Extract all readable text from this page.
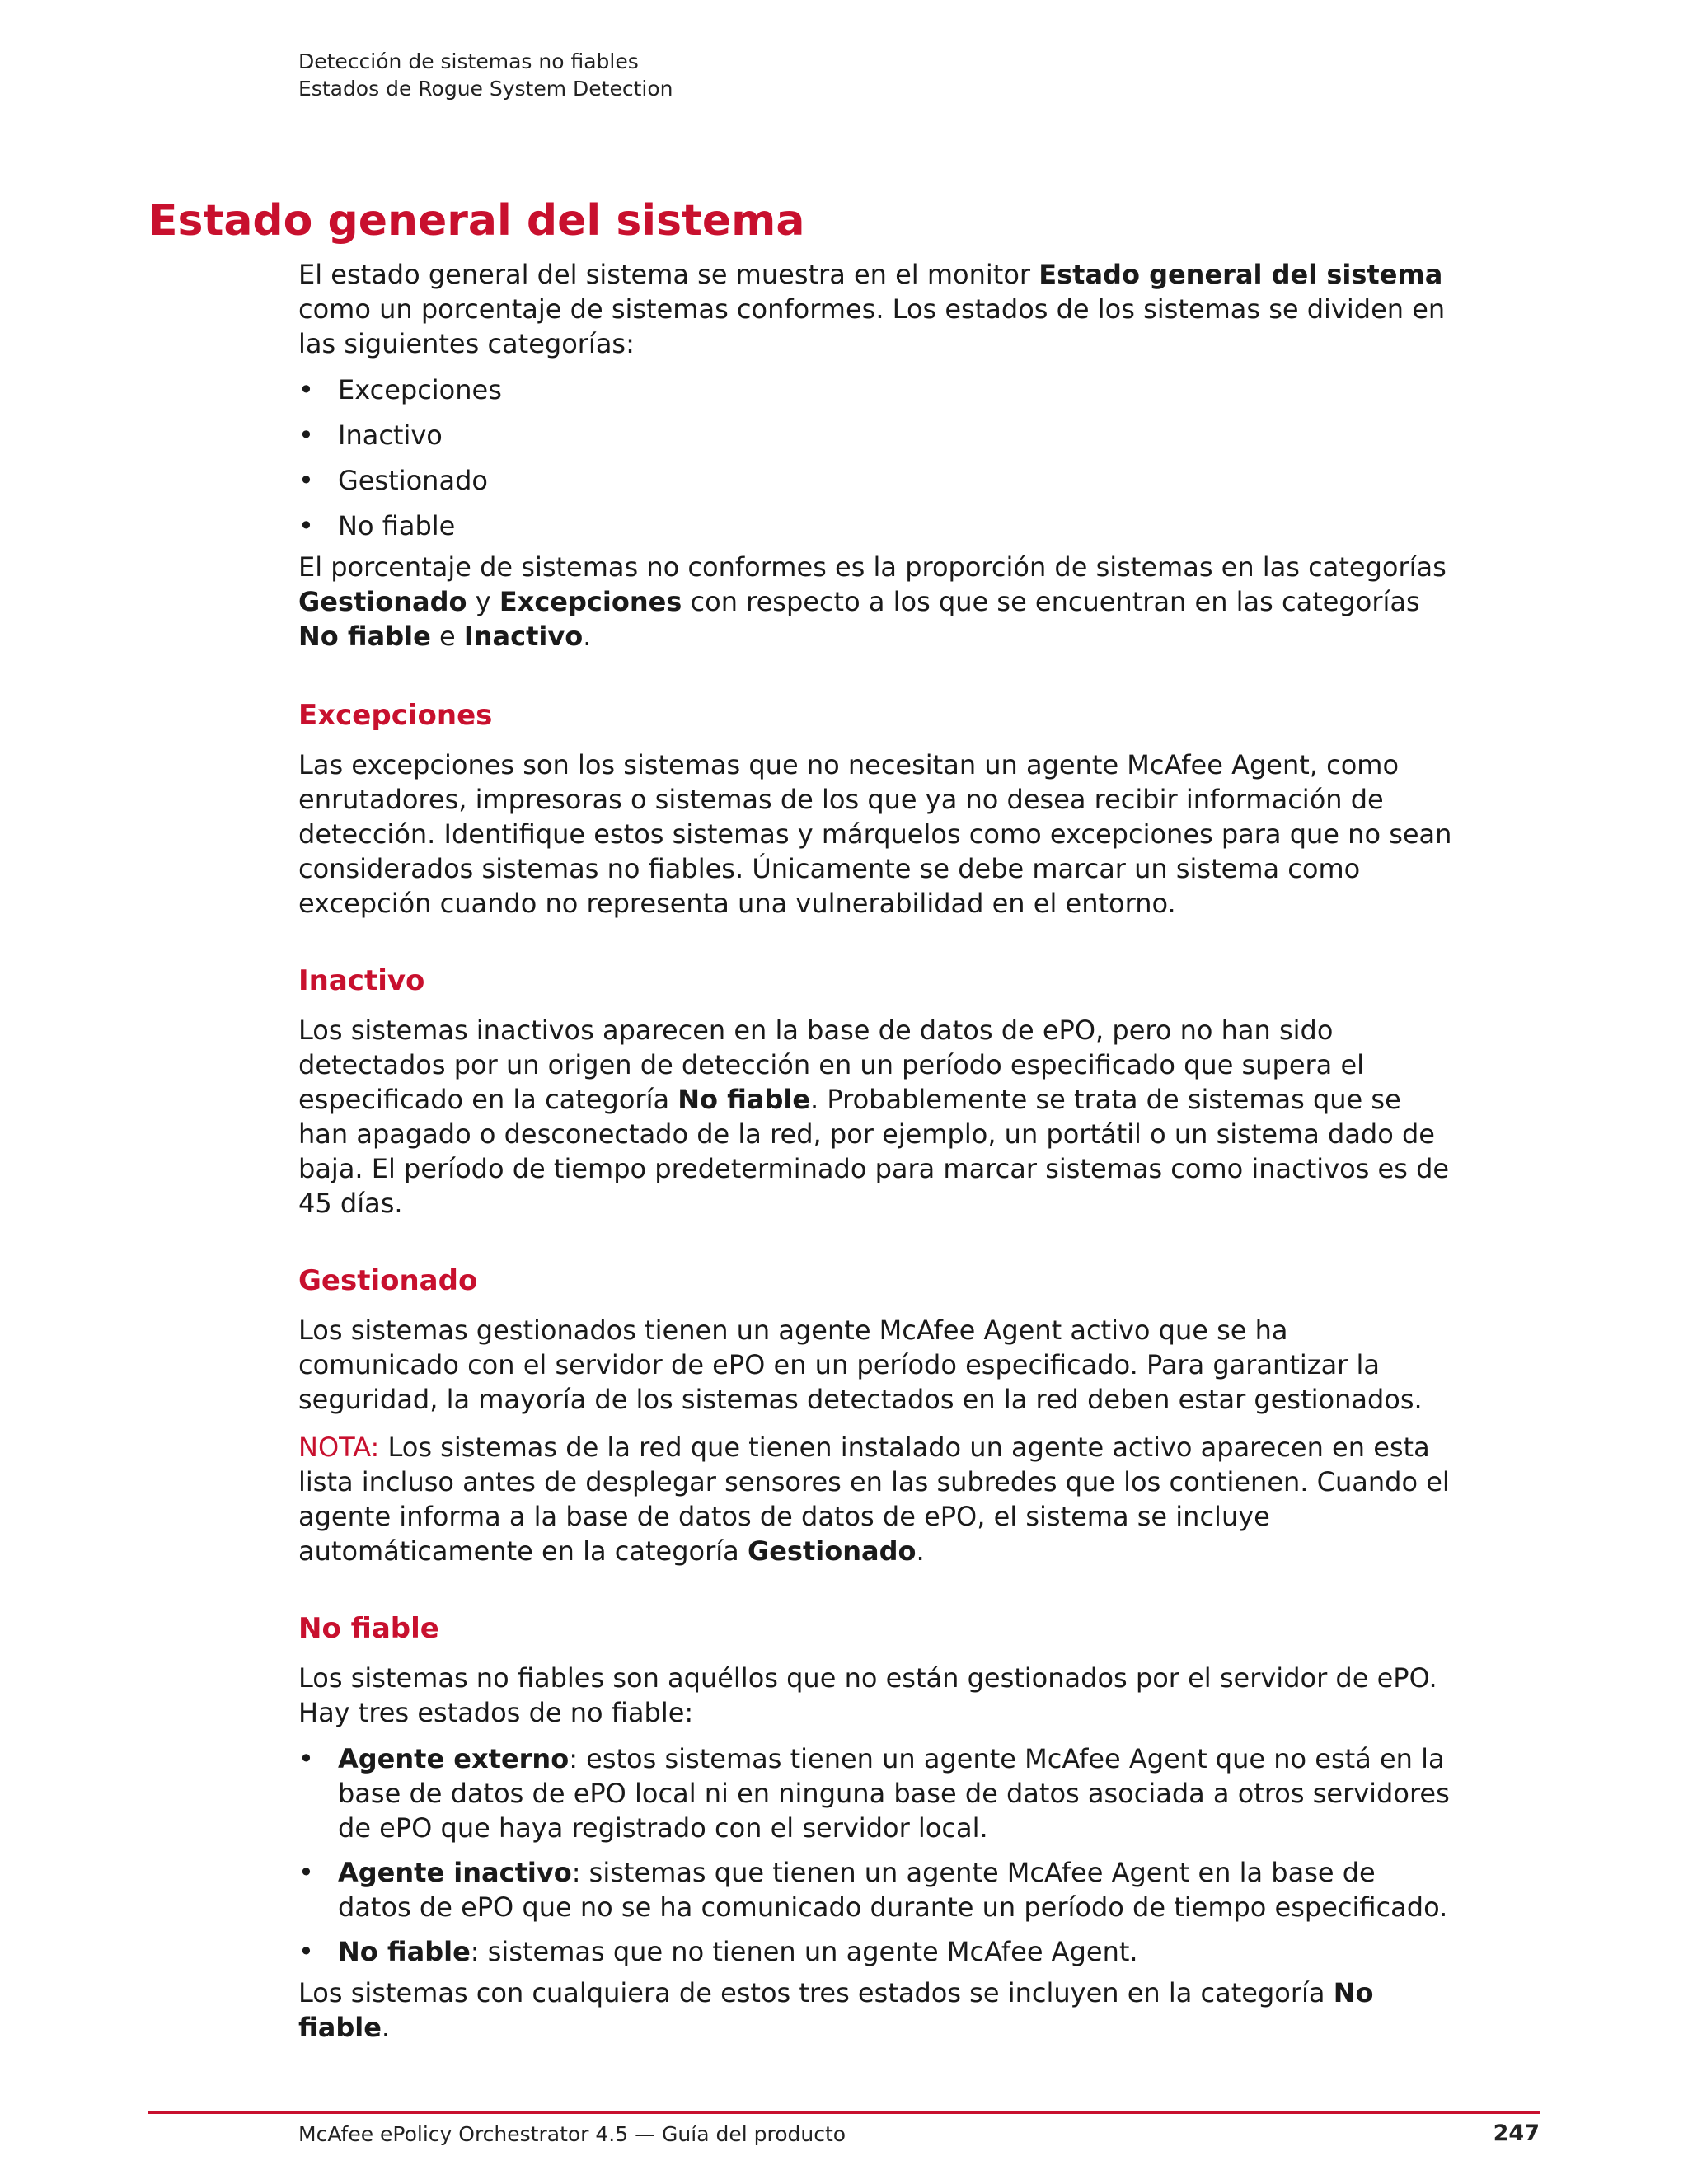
Detección de sistemas no fiables
Estados de Rogue System Detection
Estado general del sistema

El estado general del sistema se muestra en el monitor Estado general del sistema como un porcentaje de sistemas conformes. Los estados de los sistemas se dividen en las siguientes categorías:

• Excepciones
• Inactivo
• Gestionado
• No fiable

El porcentaje de sistemas no conformes es la proporción de sistemas en las categorías Gestionado y Excepciones con respecto a los que se encuentran en las categorías No fiable e Inactivo.

Excepciones

Las excepciones son los sistemas que no necesitan un agente McAfee Agent, como enrutadores, impresoras o sistemas de los que ya no desea recibir información de detección. Identifique estos sistemas y márquelos como excepciones para que no sean considerados sistemas no fiables. Únicamente se debe marcar un sistema como excepción cuando no representa una vulnerabilidad en el entorno.

Inactivo

Los sistemas inactivos aparecen en la base de datos de ePO, pero no han sido detectados por un origen de detección en un período especificado que supera el especificado en la categoría No fiable. Probablemente se trata de sistemas que se han apagado o desconectado de la red, por ejemplo, un portátil o un sistema dado de baja. El período de tiempo predeterminado para marcar sistemas como inactivos es de 45 días.

Gestionado

Los sistemas gestionados tienen un agente McAfee Agent activo que se ha comunicado con el servidor de ePO en un período especificado. Para garantizar la seguridad, la mayoría de los sistemas detectados en la red deben estar gestionados.

NOTA: Los sistemas de la red que tienen instalado un agente activo aparecen en esta lista incluso antes de desplegar sensores en las subredes que los contienen. Cuando el agente informa a la base de datos de datos de ePO, el sistema se incluye automáticamente en la categoría Gestionado.

No fiable

Los sistemas no fiables son aquéllos que no están gestionados por el servidor de ePO. Hay tres estados de no fiable:

• Agente externo: estos sistemas tienen un agente McAfee Agent que no está en la base de datos de ePO local ni en ninguna base de datos asociada a otros servidores de ePO que haya registrado con el servidor local.
• Agente inactivo: sistemas que tienen un agente McAfee Agent en la base de datos de ePO que no se ha comunicado durante un período de tiempo especificado.
• No fiable: sistemas que no tienen un agente McAfee Agent.

Los sistemas con cualquiera de estos tres estados se incluyen en la categoría No fiable.

McAfee ePolicy Orchestrator 4.5 — Guía del producto	247
